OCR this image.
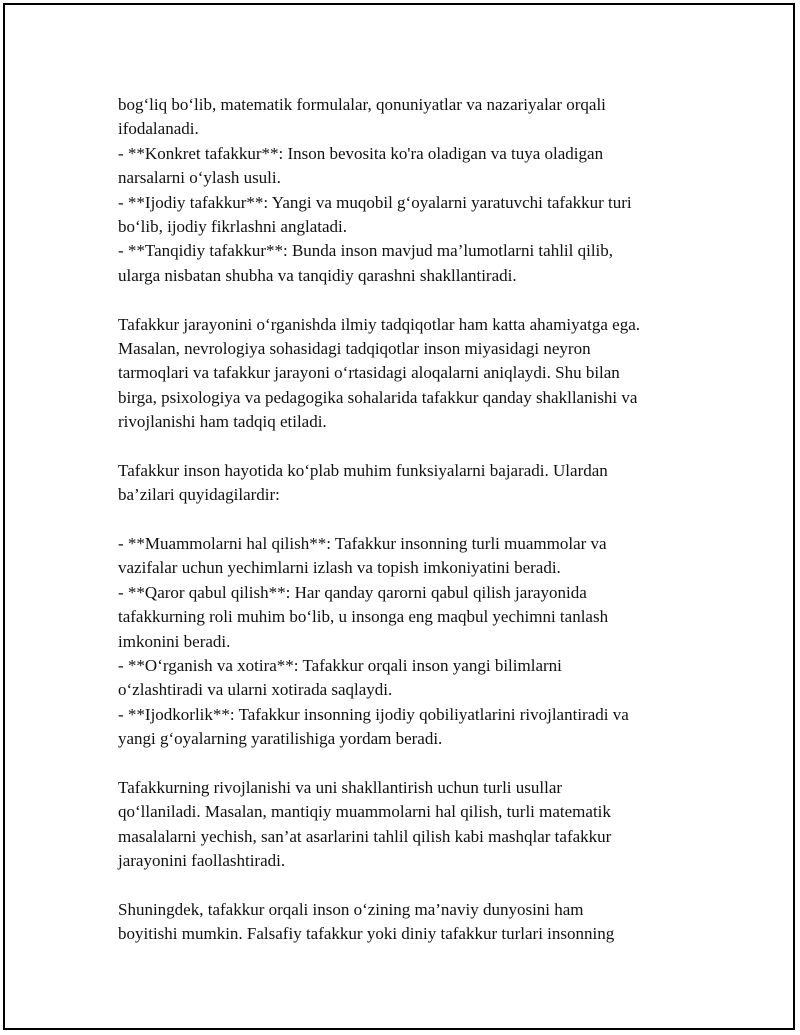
bog‘liq bo‘lib, matematik formulalar, qonuniyatlar va nazariyalar orqali
ifodalanadi.
- **Konkret tafakkur**: Inson bevosita ko'ra oladigan va tuya oladigan
narsalarni o‘ylash usuli.
- **Ijodiy tafakkur**: Yangi va muqobil g‘oyalarni yaratuvchi tafakkur turi
bo‘lib, ijodiy fikrlashni anglatadi.
- **Tanqidiy tafakkur**: Bunda inson mavjud ma’lumotlarni tahlil qilib,
ularga nisbatan shubha va tanqidiy qarashni shakllantiradi.
Tafakkur jarayonini o‘rganishda ilmiy tadqiqotlar ham katta ahamiyatga ega.
Masalan, nevrologiya sohasidagi tadqiqotlar inson miyasidagi neyron
tarmoqlari va tafakkur jarayoni o‘rtasidagi aloqalarni aniqlaydi. Shu bilan
birga, psixologiya va pedagogika sohalarida tafakkur qanday shakllanishi va
rivojlanishi ham tadqiq etiladi.
Tafakkur inson hayotida ko‘plab muhim funksiyalarni bajaradi. Ulardan
ba’zilari quyidagilardir:
- **Muammolarni hal qilish**: Tafakkur insonning turli muammolar va
vazifalar uchun yechimlarni izlash va topish imkoniyatini beradi.
- **Qaror qabul qilish**: Har qanday qarorni qabul qilish jarayonida
tafakkurning roli muhim bo‘lib, u insonga eng maqbul yechimni tanlash
imkonini beradi.
- **O‘rganish va xotira**: Tafakkur orqali inson yangi bilimlarni
o‘zlashtiradi va ularni xotirada saqlaydi.
- **Ijodkorlik**: Tafakkur insonning ijodiy qobiliyatlarini rivojlantiradi va
yangi g‘oyalarning yaratilishiga yordam beradi.
Tafakkurning rivojlanishi va uni shakllantirish uchun turli usullar
qo‘llaniladi. Masalan, mantiqiy muammolarni hal qilish, turli matematik
masalalarni yechish, san’at asarlarini tahlil qilish kabi mashqlar tafakkur
jarayonini faollashtiradi.
Shuningdek, tafakkur orqali inson o‘zining ma’naviy dunyosini ham
boyitishi mumkin. Falsafiy tafakkur yoki diniy tafakkur turlari insonning
